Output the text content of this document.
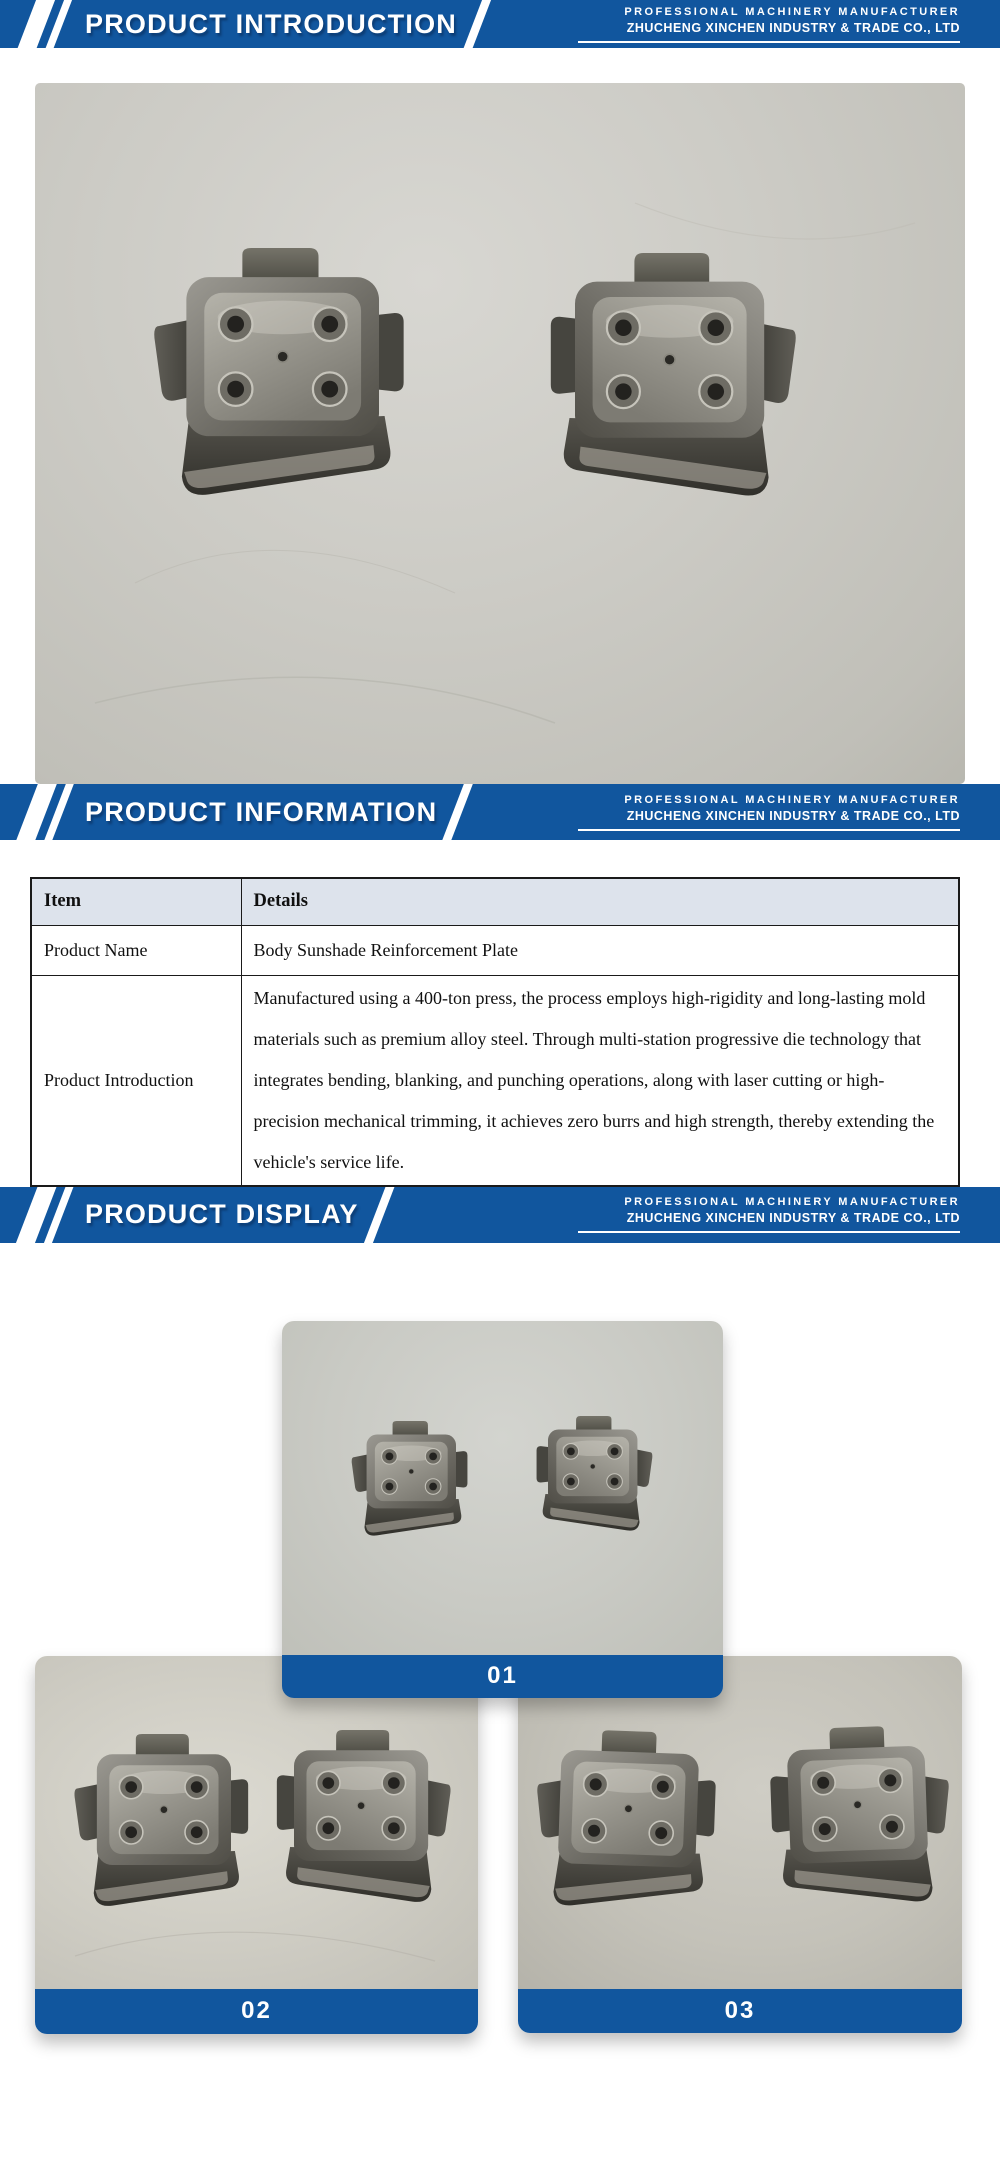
PRODUCT INTRODUCTION	PROFESSIONAL MACHINERY MANUFACTURER
ZHUCHENG XINCHEN INDUSTRY & TRADE CO., LTD
PRODUCT INFORMATION	PROFESSIONAL MACHINERY MANUFACTURER
ZHUCHENG XINCHEN INDUSTRY & TRADE CO., LTD
Item	Details
Product Name	Body Sunshade Reinforcement Plate
Product Introduction	Manufactured using a 400-ton press, the process employs high-rigidity and long-lasting mold materials such as premium alloy steel. Through multi-station progressive die technology that integrates bending, blanking, and punching operations, along with laser cutting or high-precision mechanical trimming, it achieves zero burrs and high strength, thereby extending the vehicle's service life.
PRODUCT DISPLAY	PROFESSIONAL MACHINERY MANUFACTURER
ZHUCHENG XINCHEN INDUSTRY & TRADE CO., LTD
01
02	03
